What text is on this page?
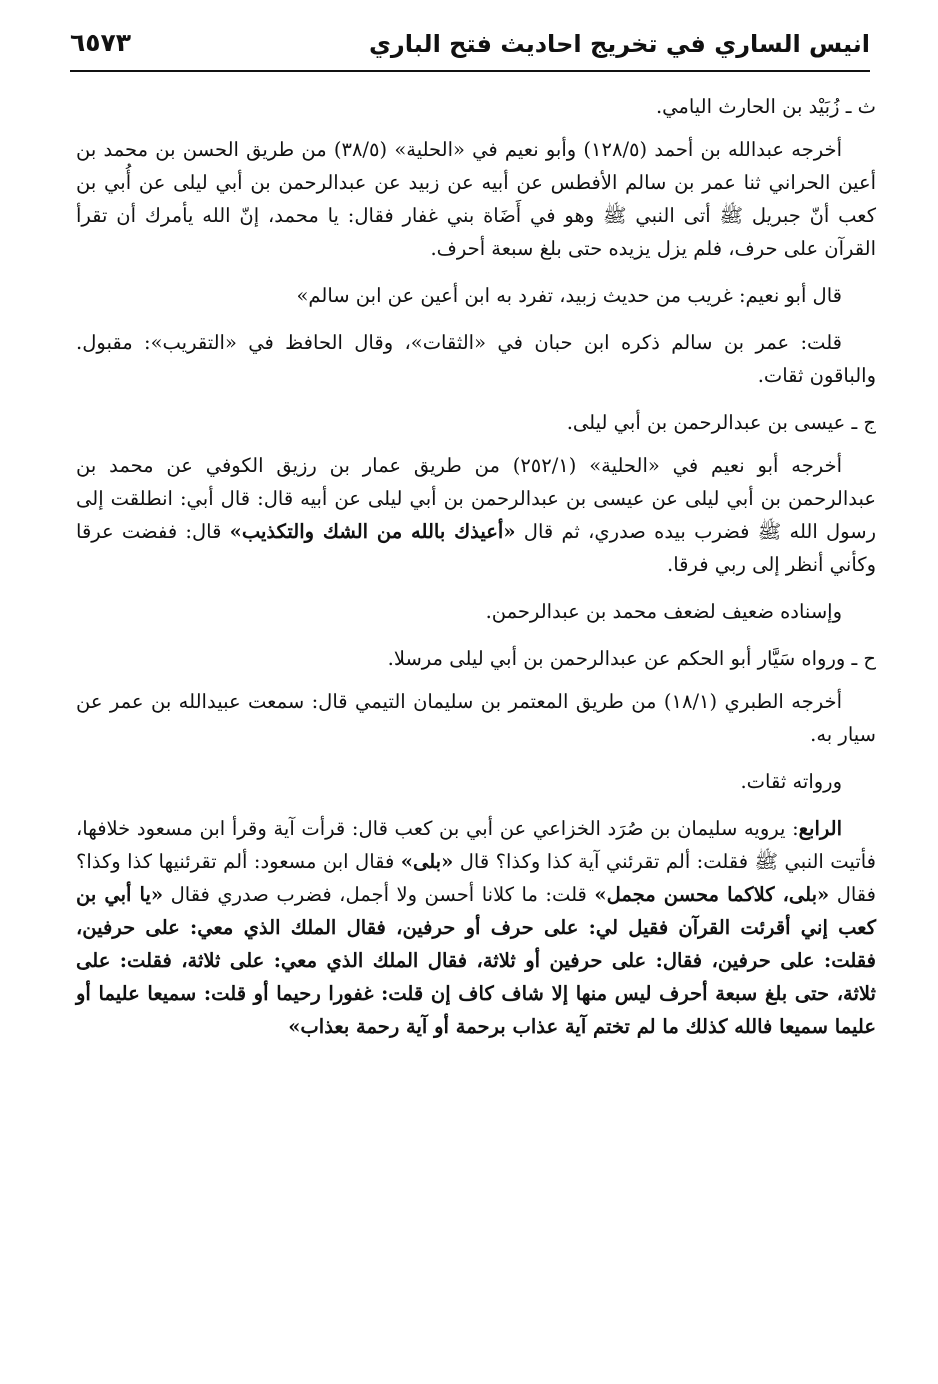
انيس الساري في تخريج احاديث فتح الباري
٦٥٧٣

ث ـ زُبَيْد بن الحارث اليامي.

أخرجه عبدالله بن أحمد (١٢٨/٥) وأبو نعيم في «الحلية» (٣٨/٥) من طريق الحسن بن محمد بن أعين الحراني ثنا عمر بن سالم الأفطس عن أبيه عن زبيد عن عبدالرحمن بن أبي ليلى عن أُبي بن كعب أنّ جبريل ﷺ أتى النبي ﷺ وهو في أَضَاة بني غفار فقال: يا محمد، إنّ الله يأمرك أن تقرأ القرآن على حرف، فلم يزل يزيده حتى بلغ سبعة أحرف.

قال أبو نعيم: غريب من حديث زبيد، تفرد به ابن أعين عن ابن سالم»

قلت: عمر بن سالم ذكره ابن حبان في «الثقات»، وقال الحافظ في «التقريب»: مقبول. والباقون ثقات.

ج ـ عيسى بن عبدالرحمن بن أبي ليلى.

أخرجه أبو نعيم في «الحلية» (٢٥٢/١) من طريق عمار بن رزيق الكوفي عن محمد بن عبدالرحمن بن أبي ليلى عن عيسى بن عبدالرحمن بن أبي ليلى عن أبيه قال: قال أبي: انطلقت إلى رسول الله ﷺ فضرب بيده صدري، ثم قال «أعيذك بالله من الشك والتكذيب» قال: ففضت عرقا وكأني أنظر إلى ربي فرقا.

وإسناده ضعيف لضعف محمد بن عبدالرحمن.

ح ـ ورواه سَيَّار أبو الحكم عن عبدالرحمن بن أبي ليلى مرسلا.

أخرجه الطبري (١٨/١) من طريق المعتمر بن سليمان التيمي قال: سمعت عبيدالله بن عمر عن سيار به.

ورواته ثقات.

الرابع: يرويه سليمان بن صُرَد الخزاعي عن أبي بن كعب قال: قرأت آية وقرأ ابن مسعود خلافها، فأتيت النبي ﷺ فقلت: ألم تقرئني آية كذا وكذا؟ قال «بلى» فقال ابن مسعود: ألم تقرئنيها كذا وكذا؟ فقال «بلى، كلاكما محسن مجمل» قلت: ما كلانا أحسن ولا أجمل، فضرب صدري فقال «يا أبي بن كعب إني أقرئت القرآن فقيل لي: على حرف أو حرفين، فقال الملك الذي معي: على حرفين، فقلت: على حرفين، فقال: على حرفين أو ثلاثة، فقال الملك الذي معي: على ثلاثة، فقلت: على ثلاثة، حتى بلغ سبعة أحرف ليس منها إلا شاف كاف إن قلت: غفورا رحيما أو قلت: سميعا عليما أو عليما سميعا فالله كذلك ما لم تختم آية عذاب برحمة أو آية رحمة بعذاب»
